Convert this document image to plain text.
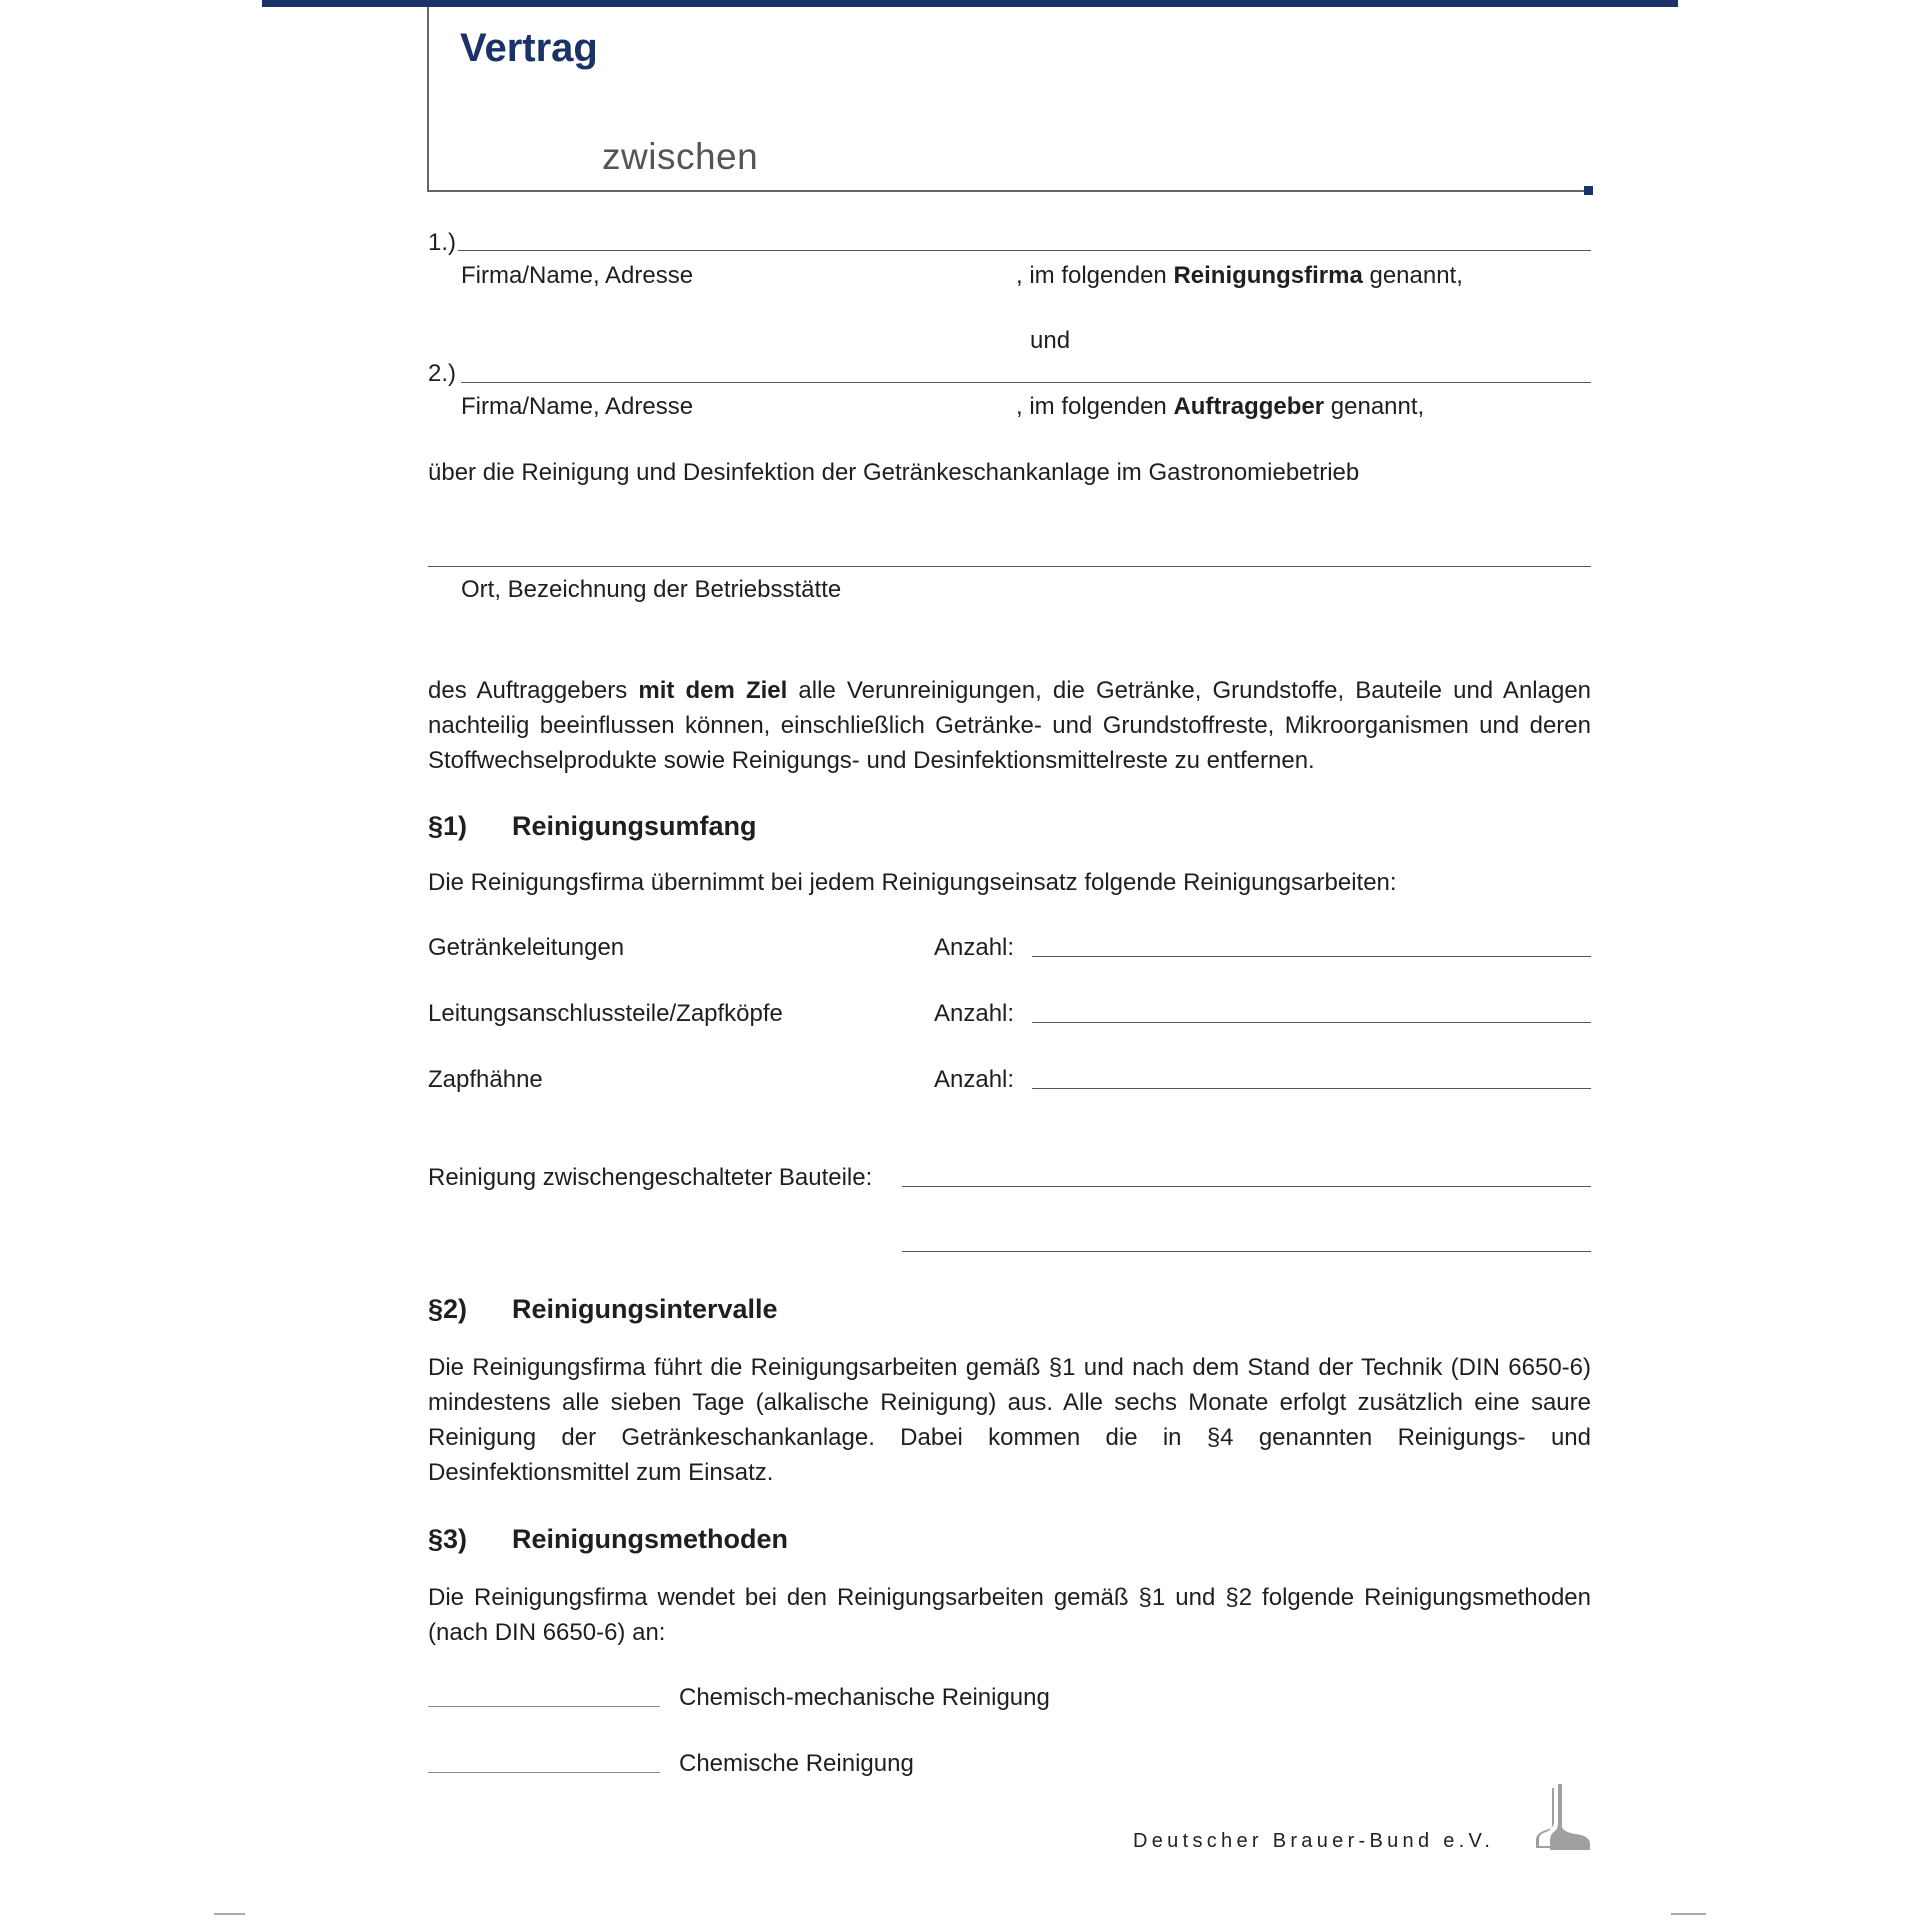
Vertrag
zwischen
1.)
Firma/Name, Adresse	, im folgenden Reinigungsfirma genannt,
und
2.)
Firma/Name, Adresse	, im folgenden Auftraggeber genannt,
über die Reinigung und Desinfektion der Getränkeschankanlage im Gastronomiebetrieb
Ort, Bezeichnung der Betriebsstätte
des Auftraggebers mit dem Ziel alle Verunreinigungen, die Getränke, Grundstoffe, Bauteile und Anlagen nachteilig beeinflussen können, einschließlich Getränke- und Grundstoffreste, Mikroorganismen und deren Stoffwechselprodukte sowie Reinigungs- und Desinfektionsmittelreste zu entfernen.
§1) Reinigungsumfang
Die Reinigungsfirma übernimmt bei jedem Reinigungseinsatz folgende Reinigungsarbeiten:
Getränkeleitungen	Anzahl:
Leitungsanschlussteile/Zapfköpfe	Anzahl:
Zapfhähne	Anzahl:
Reinigung zwischengeschalteter Bauteile:
§2) Reinigungsintervalle
Die Reinigungsfirma führt die Reinigungsarbeiten gemäß §1 und nach dem Stand der Technik (DIN 6650-6) mindestens alle sieben Tage (alkalische Reinigung) aus. Alle sechs Monate erfolgt zusätzlich eine saure Reinigung der Getränkeschankanlage. Dabei kommen die in §4 genannten Reinigungs- und Desinfektionsmittel zum Einsatz.
§3) Reinigungsmethoden
Die Reinigungsfirma wendet bei den Reinigungsarbeiten gemäß §1 und §2 folgende Reinigungsmethoden (nach DIN 6650-6) an:
Chemisch-mechanische Reinigung
Chemische Reinigung
Deutscher Brauer-Bund e.V.
